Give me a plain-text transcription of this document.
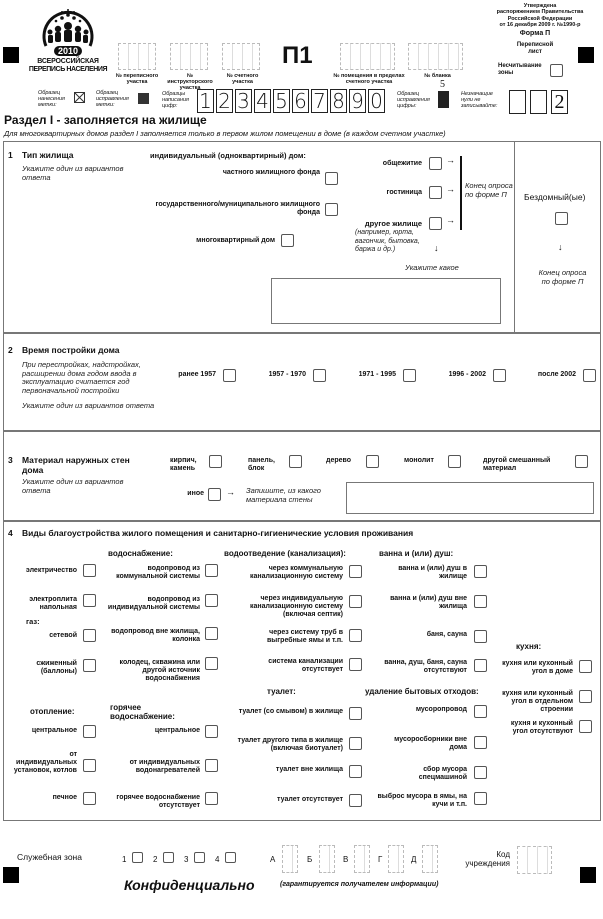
2010
ВСЕРОССИЙСКАЯ
ПЕРЕПИСЬ НАСЕЛЕНИЯ
№ переписного участка
№ инструкторского участка
№ счетного участка
П1
№ помещения в пределах счетного участка
№ бланка
Утверждена
распоряжением Правительства
Российской Федерации
от 16 декабря 2009 г. №1990-р
Форма П
Переписной
лист
Несчитывание зоны
Образец нанесения метки:
Образец исправления метки:
Образцы написания цифр:	1 2 3 4 5 6 7 8 9 0	Образец исправления цифры:
5
Незначащие нули не записывайте:	2
Раздел I - заполняется на жилище
Для многоквартирных домов раздел I заполняется только в первом жилом помещении в доме (в каждом счетном участке)
1 Тип жилища
Укажите один из вариантов ответа
индивидуальный (одноквартирный) дом:
частного жилищного фонда
государственного/муниципального жилищного фонда
многоквартирный дом
общежитие	→
гостиница	→
другое жилище	→
(например, юрта, вагончик, бытовка, баржа и др.)	↓
Конец опроса по форме П
Укажите какое
Бездомный(ые)
↓
Конец опроса по форме П
2 Время постройки дома
При перестройках, надстройках, расширении дома годом ввода в эксплуатацию считается год первоначальной постройки
Укажите один из вариантов ответа
ранее 1957	1957 - 1970	1971 - 1995	1996 - 2002	после 2002
3 Материал наружных стен дома
Укажите один из вариантов ответа
кирпич, камень
панель, блок
дерево	монолит	другой смешанный материал
иное → Запишите, из какого материала стены
4 Виды благоустройства жилого помещения и санитарно-гигиенические условия проживания
электричество
электроплита напольная
газ:
сетевой
сжиженный (баллоны)
отопление:
центральное
от индивидуальных установок, котлов
печное
водоснабжение:
водопровод из коммунальной системы
водопровод из индивидуальной системы
водопровод вне жилища, колонка
колодец, скважина или другой источник водоснабжения
горячее водоснабжение:
центральное
от индивидуальных водонагревателей
горячее водоснабжение отсутствует
водоотведение (канализация):
через коммунальную канализационную систему
через индивидуальную канализационную систему (включая септик)
через систему труб в выгребные ямы и т.п.
система канализации отсутствует
туалет:
туалет (со смывом) в жилище
туалет другого типа в жилище (включая биотуалет)
туалет вне жилища
туалет отсутствует
ванна и (или) душ:
ванна и (или) душ в жилище
ванна и (или) душ вне жилища
баня, сауна
ванна, душ, баня, сауна отсутствуют
удаление бытовых отходов:
мусоропровод
мусоросборники вне дома
сбор мусора спецмашиной
выброс мусора в ямы, на кучи и т.п.
кухня:
кухня или кухонный угол в доме
кухня или кухонный угол в отдельном строении
кухня и кухонный угол отсутствуют
Служебная зона	1	2	3	4	А	Б	В	Г	Д
Код учреждения
Конфиденциально	(гарантируется получателем информации)
